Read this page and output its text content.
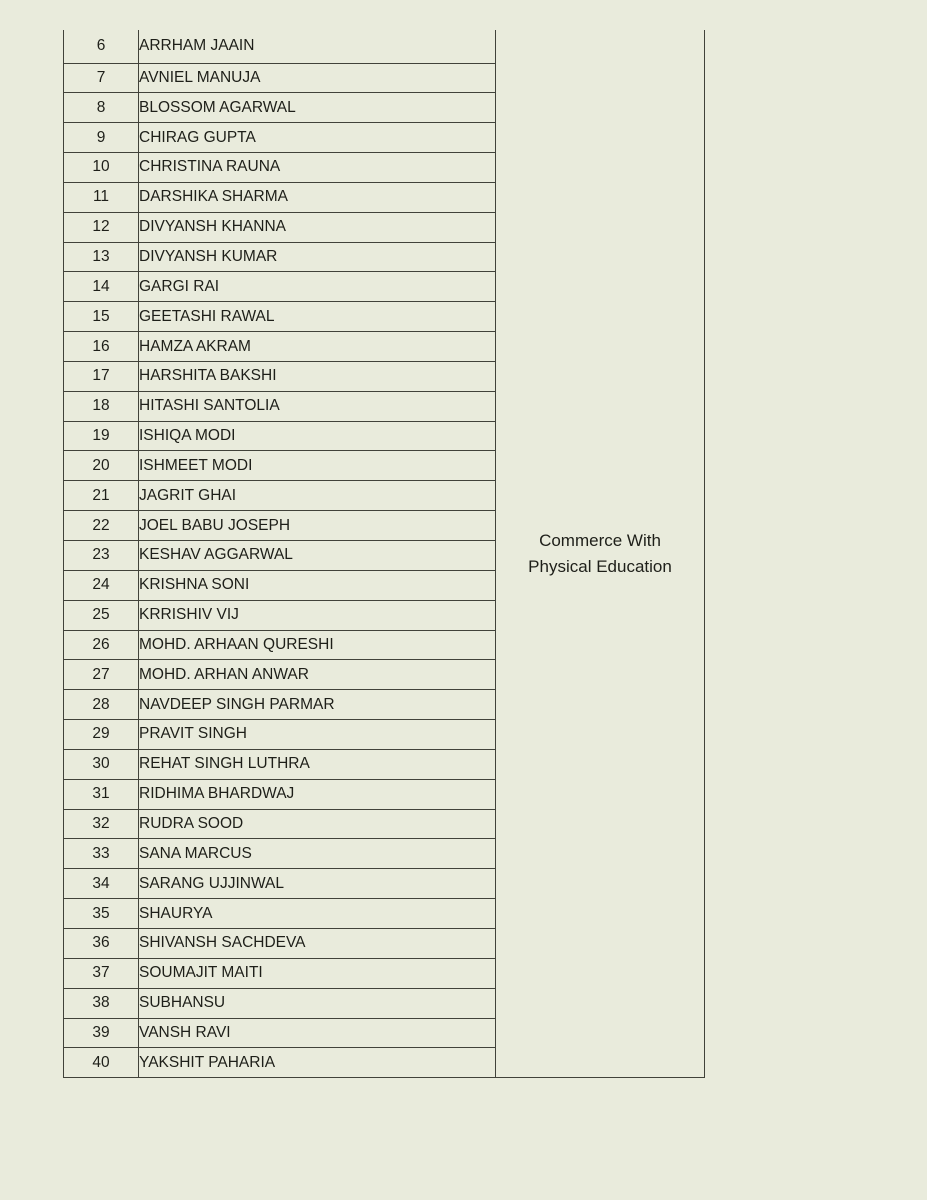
6	ARRHAM JAAIN	Commerce With
Physical Education

7	AVNIEL MANUJA	
8	BLOSSOM AGARWAL	
9	CHIRAG GUPTA	
10	CHRISTINA RAUNA	
11	DARSHIKA SHARMA	
12	DIVYANSH KHANNA	
13	DIVYANSH KUMAR	
14	GARGI RAI	
15	GEETASHI RAWAL	
16	HAMZA AKRAM	
17	HARSHITA BAKSHI	
18	HITASHI SANTOLIA	
19	ISHIQA MODI	
20	ISHMEET MODI	
21	JAGRIT GHAI	
22	JOEL BABU JOSEPH	
23	KESHAV AGGARWAL	
24	KRISHNA SONI	
25	KRRISHIV VIJ	
26	MOHD. ARHAAN QURESHI	
27	MOHD. ARHAN ANWAR	
28	NAVDEEP SINGH PARMAR	
29	PRAVIT SINGH	
30	REHAT SINGH LUTHRA	
31	RIDHIMA BHARDWAJ	
32	RUDRA SOOD	
33	SANA MARCUS	
34	SARANG UJJINWAL	
35	SHAURYA	
36	SHIVANSH SACHDEVA	
37	SOUMAJIT MAITI	
38	SUBHANSU	
39	VANSH RAVI	
40	YAKSHIT PAHARIA	
